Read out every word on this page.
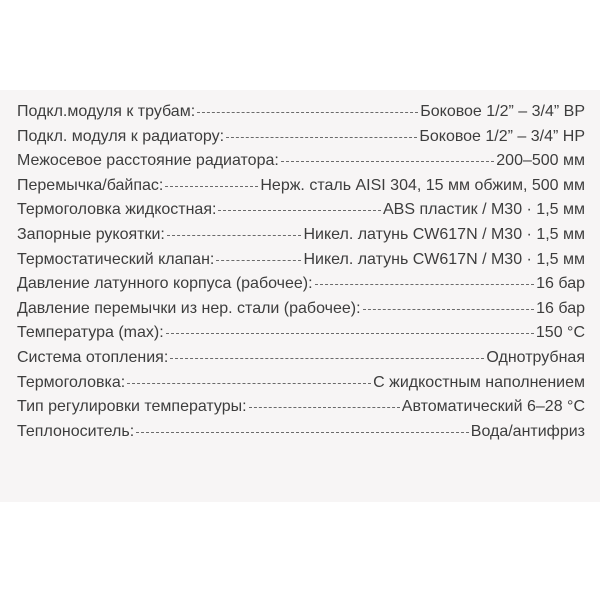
Подкл.модуля к трубам:	Боковое 1/2” – 3/4” ВР
Подкл. модуля к радиатору:	Боковое 1/2” – 3/4” НР
Межосевое расстояние радиатора:	200–500 мм
Перемычка/байпас:	Нерж. сталь AISI 304, 15 мм обжим, 500 мм
Термоголовка жидкостная:	ABS пластик / М30 · 1,5 мм
Запорные рукоятки:	Никел. латунь CW617N / М30 · 1,5 мм
Термостатический клапан:	Никел. латунь CW617N / М30 · 1,5 мм
Давление латунного корпуса (рабочее):	16 бар
Давление перемычки из нер. стали (рабочее):	16 бар
Температура (max):	150 °С
Система отопления:	Однотрубная
Термоголовка:	С жидкостным наполнением
Тип регулировки температуры:	Автоматический 6–28 °С
Теплоноситель:	Вода/антифриз
